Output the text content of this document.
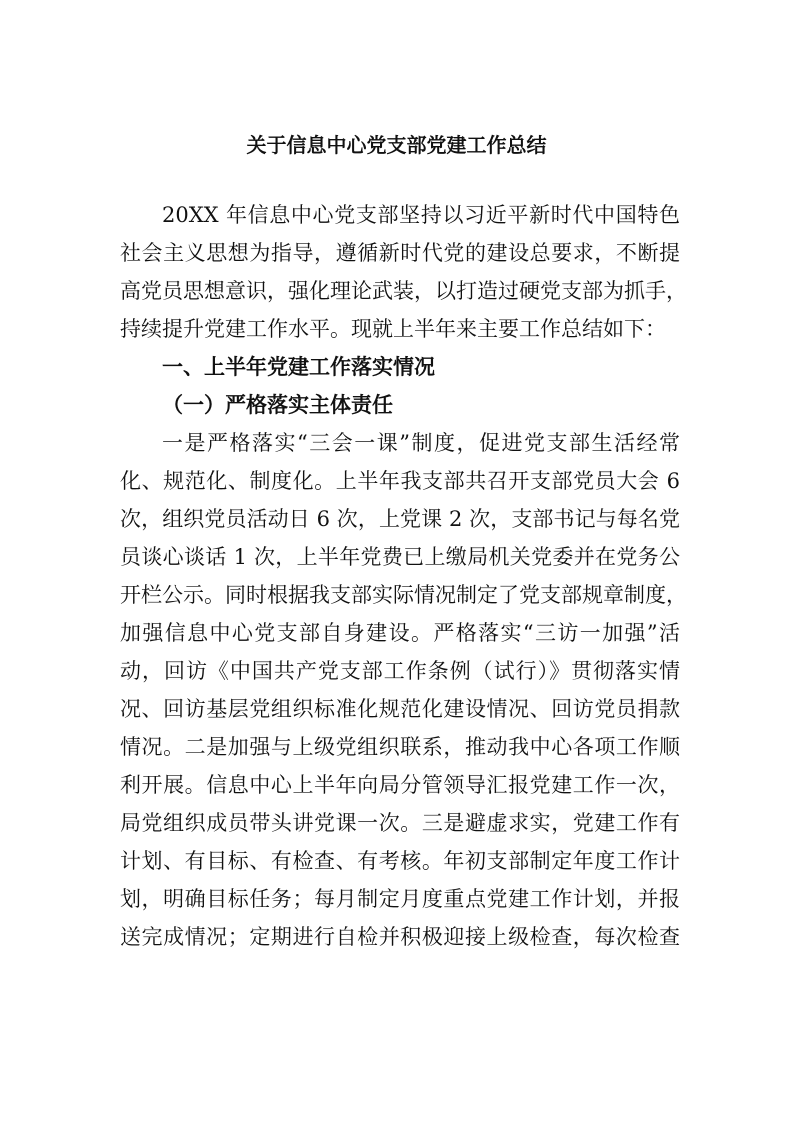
关于信息中心党支部党建工作总结

20XX 年信息中心党支部坚持以习近平新时代中国特色

社会主义思想为指导，遵循新时代党的建设总要求，不断提

高党员思想意识，强化理论武装，以打造过硬党支部为抓手，

持续提升党建工作水平。现就上半年来主要工作总结如下：

一、上半年党建工作落实情况

（一）严格落实主体责任

一是严格落实“三会一课”制度，促进党支部生活经常

化、规范化、制度化。上半年我支部共召开支部党员大会 6

次，组织党员活动日 6 次，上党课 2 次，支部书记与每名党

员谈心谈话 1 次，上半年党费已上缴局机关党委并在党务公

开栏公示。同时根据我支部实际情况制定了党支部规章制度，

加强信息中心党支部自身建设。严格落实“三访一加强”活

动，回访《中国共产党支部工作条例（试行）》贯彻落实情

况、回访基层党组织标准化规范化建设情况、回访党员捐款

情况。二是加强与上级党组织联系，推动我中心各项工作顺

利开展。信息中心上半年向局分管领导汇报党建工作一次，

局党组织成员带头讲党课一次。三是避虚求实，党建工作有

计划、有目标、有检查、有考核。年初支部制定年度工作计

划，明确目标任务；每月制定月度重点党建工作计划，并报

送完成情况；定期进行自检并积极迎接上级检查，每次检查
